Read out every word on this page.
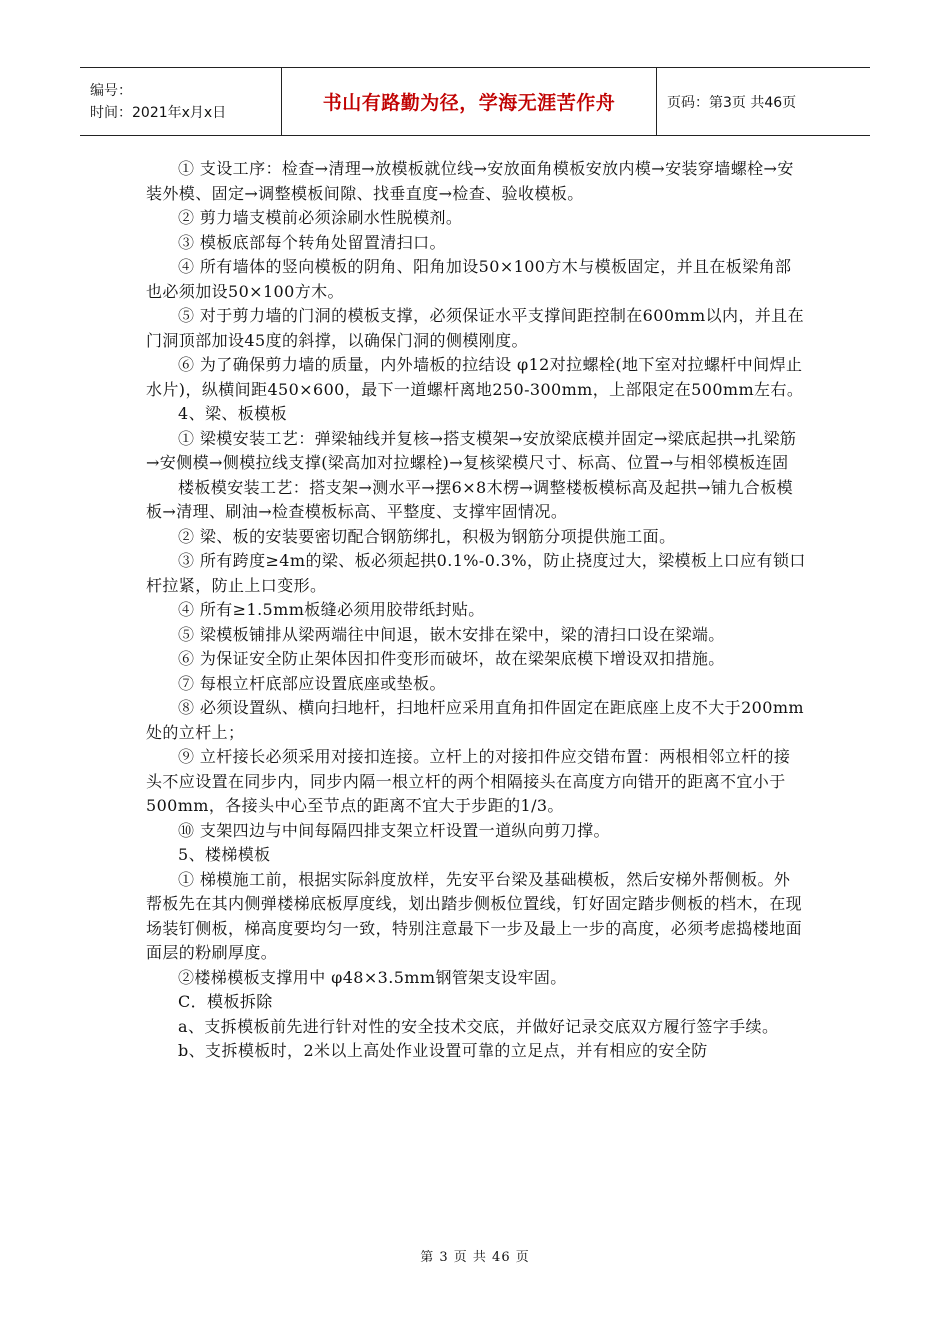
编号：
时间：2021年x月x日	书山有路勤为径，学海无涯苦作舟	页码：第3页 共46页

① 支设工序：检查→清理→放模板就位线→安放面角模板安放内模→安装穿墙螺栓→安装外模、固定→调整模板间隙、找垂直度→检查、验收模板。

② 剪力墙支模前必须涂刷水性脱模剂。

③ 模板底部每个转角处留置清扫口。

④ 所有墙体的竖向模板的阴角、阳角加设50×100方木与模板固定，并且在板梁角部也必须加设50×100方木。

⑤ 对于剪力墙的门洞的模板支撑，必须保证水平支撑间距控制在600mm以内，并且在门洞顶部加设45度的斜撑，以确保门洞的侧模刚度。

⑥ 为了确保剪力墙的质量，内外墙板的拉结设 φ12对拉螺栓(地下室对拉螺杆中间焊止水片)，纵横间距450×600，最下一道螺杆离地250-300mm，上部限定在500mm左右。

4、梁、板模板

① 梁模安装工艺：弹梁轴线并复核→搭支模架→安放梁底模并固定→梁底起拱→扎梁筋→安侧模→侧模拉线支撑(梁高加对拉螺栓)→复核梁模尺寸、标高、位置→与相邻模板连固

楼板模安装工艺：搭支架→测水平→摆6×8木楞→调整楼板模标高及起拱→铺九合板模板→清理、刷油→检查模板标高、平整度、支撑牢固情况。

② 梁、板的安装要密切配合钢筋绑扎，积极为钢筋分项提供施工面。

③ 所有跨度≥4m的梁、板必须起拱0.1%-0.3%，防止挠度过大，梁模板上口应有锁口杆拉紧，防止上口变形。

④ 所有≥1.5mm板缝必须用胶带纸封贴。

⑤ 梁模板铺排从梁两端往中间退，嵌木安排在梁中，梁的清扫口设在梁端。

⑥ 为保证安全防止架体因扣件变形而破坏，故在梁架底模下增设双扣措施。

⑦ 每根立杆底部应设置底座或垫板。

⑧ 必须设置纵、横向扫地杆，扫地杆应采用直角扣件固定在距底座上皮不大于200mm处的立杆上；

⑨ 立杆接长必须采用对接扣连接。立杆上的对接扣件应交错布置：两根相邻立杆的接头不应设置在同步内，同步内隔一根立杆的两个相隔接头在高度方向错开的距离不宜小于500mm，各接头中心至节点的距离不宜大于步距的1/3。

⑩ 支架四边与中间每隔四排支架立杆设置一道纵向剪刀撑。

5、楼梯模板

① 梯模施工前，根据实际斜度放样，先安平台梁及基础模板，然后安梯外帮侧板。外帮板先在其内侧弹楼梯底板厚度线，划出踏步侧板位置线，钉好固定踏步侧板的档木，在现场装钉侧板，梯高度要均匀一致，特别注意最下一步及最上一步的高度，必须考虑捣楼地面面层的粉刷厚度。

②楼梯模板支撑用中 φ48×3.5mm钢管架支设牢固。

C．模板拆除

a、支拆模板前先进行针对性的安全技术交底，并做好记录交底双方履行签字手续。

b、支拆模板时，2米以上高处作业设置可靠的立足点，并有相应的安全防

第 3 页 共 46 页
